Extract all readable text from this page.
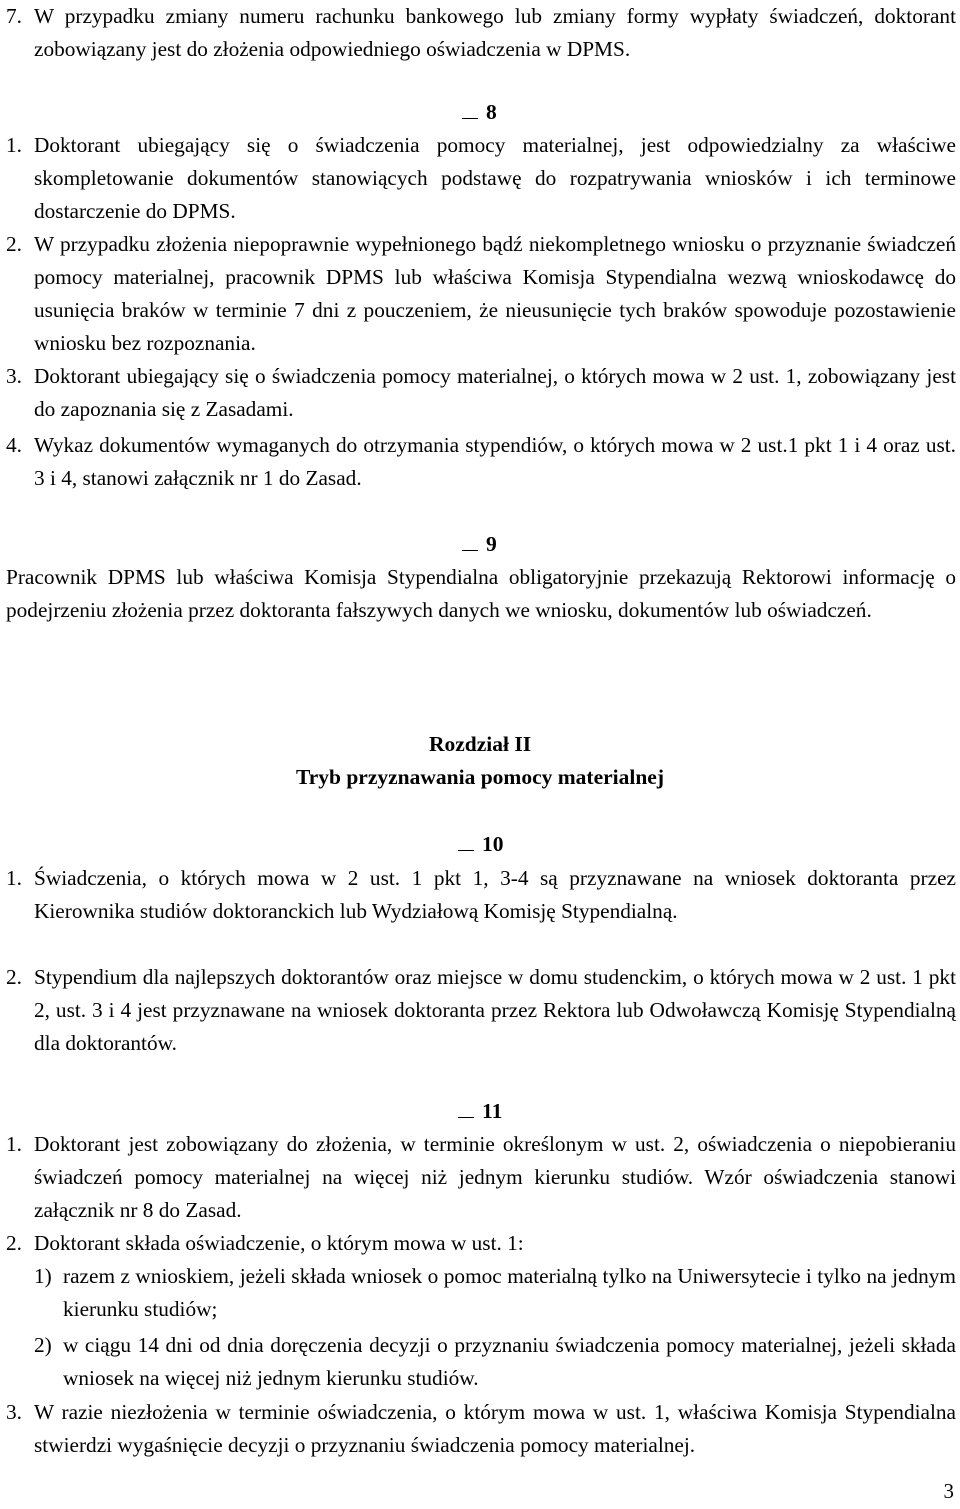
7. W przypadku zmiany numeru rachunku bankowego lub zmiany formy wypłaty świadczeń, doktorant zobowiązany jest do złożenia odpowiedniego oświadczenia w DPMS.
8
1. Doktorant ubiegający się o świadczenia pomocy materialnej, jest odpowiedzialny za właściwe skompletowanie dokumentów stanowiących podstawę do rozpatrywania wniosków i ich terminowe dostarczenie do DPMS.
2. W przypadku złożenia niepoprawnie wypełnionego bądź niekompletnego wniosku o przyznanie świadczeń pomocy materialnej, pracownik DPMS lub właściwa Komisja Stypendialna wezwą wnioskodawcę do usunięcia braków w terminie 7 dni z pouczeniem, że nieusunięcie tych braków spowoduje pozostawienie wniosku bez rozpoznania.
3. Doktorant ubiegający się o świadczenia pomocy materialnej, o których mowa w 2 ust. 1, zobowiązany jest do zapoznania się z Zasadami.
4. Wykaz dokumentów wymaganych do otrzymania stypendiów, o których mowa w 2 ust.1 pkt 1 i 4 oraz ust. 3 i 4, stanowi załącznik nr 1 do Zasad.
9
Pracownik DPMS lub właściwa Komisja Stypendialna obligatoryjnie przekazują Rektorowi informację o podejrzeniu złożenia przez doktoranta fałszywych danych we wniosku, dokumentów lub oświadczeń.
Rozdział II
Tryb przyznawania pomocy materialnej
10
1. Świadczenia, o których mowa w 2 ust. 1 pkt 1, 3-4 są przyznawane na wniosek doktoranta przez Kierownika studiów doktoranckich lub Wydziałową Komisję Stypendialną.
2. Stypendium dla najlepszych doktorantów oraz miejsce w domu studenckim, o których mowa w 2 ust. 1 pkt 2, ust. 3 i 4 jest przyznawane na wniosek doktoranta przez Rektora lub Odwoławczą Komisję Stypendialną dla doktorantów.
11
1. Doktorant jest zobowiązany do złożenia, w terminie określonym w ust. 2, oświadczenia o niepobieraniu świadczeń pomocy materialnej na więcej niż jednym kierunku studiów. Wzór oświadczenia stanowi załącznik nr 8 do Zasad.
2. Doktorant składa oświadczenie, o którym mowa w ust. 1:
1) razem z wnioskiem, jeżeli składa wniosek o pomoc materialną tylko na Uniwersytecie i tylko na jednym kierunku studiów;
2) w ciągu 14 dni od dnia doręczenia decyzji o przyznaniu świadczenia pomocy materialnej, jeżeli składa wniosek na więcej niż jednym kierunku studiów.
3. W razie niezłożenia w terminie oświadczenia, o którym mowa w ust. 1, właściwa Komisja Stypendialna stwierdzi wygaśnięcie decyzji o przyznaniu świadczenia pomocy materialnej.
3
